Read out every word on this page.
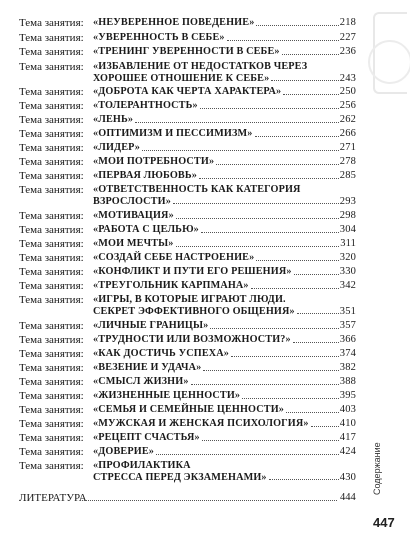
Тема занятия: «НЕУВЕРЕННОЕ ПОВЕДЕНИЕ»	218
Тема занятия: «УВЕРЕННОСТЬ В СЕБЕ»	227
Тема занятия: «ТРЕНИНГ УВЕРЕННОСТИ В СЕБЕ»	236
Тема занятия: «ИЗБАВЛЕНИЕ ОТ НЕДОСТАТКОВ ЧЕРЕЗ
ХОРОШЕЕ ОТНОШЕНИЕ К СЕБЕ»	243
Тема занятия: «ДОБРОТА КАК ЧЕРТА ХАРАКТЕРА»	250
Тема занятия: «ТОЛЕРАНТНОСТЬ»	256
Тема занятия: «ЛЕНЬ»	262
Тема занятия: «ОПТИМИЗМ И ПЕССИМИЗМ»	266
Тема занятия: «ЛИДЕР»	271
Тема занятия: «МОИ ПОТРЕБНОСТИ»	278
Тема занятия: «ПЕРВАЯ ЛЮБОВЬ»	285
Тема занятия: «ОТВЕТСТВЕННОСТЬ КАК КАТЕГОРИЯ
ВЗРОСЛОСТИ»	293
Тема занятия: «МОТИВАЦИЯ»	298
Тема занятия: «РАБОТА С ЦЕЛЬЮ»	304
Тема занятия: «МОИ МЕЧТЫ»	311
Тема занятия: «СОЗДАЙ СЕБЕ НАСТРОЕНИЕ»	320
Тема занятия: «КОНФЛИКТ И ПУТИ ЕГО РЕШЕНИЯ»	330
Тема занятия: «ТРЕУГОЛЬНИК КАРПМАНА»	342
Тема занятия: «ИГРЫ, В КОТОРЫЕ ИГРАЮТ ЛЮДИ.
СЕКРЕТ ЭФФЕКТИВНОГО ОБЩЕНИЯ»	351
Тема занятия: «ЛИЧНЫЕ ГРАНИЦЫ»	357
Тема занятия: «ТРУДНОСТИ ИЛИ ВОЗМОЖНОСТИ?»	366
Тема занятия: «КАК ДОСТИЧЬ УСПЕХА»	374
Тема занятия: «ВЕЗЕНИЕ И УДАЧА»	382
Тема занятия: «СМЫСЛ ЖИЗНИ»	388
Тема занятия: «ЖИЗНЕННЫЕ ЦЕННОСТИ»	395
Тема занятия: «СЕМЬЯ И СЕМЕЙНЫЕ ЦЕННОСТИ»	403
Тема занятия: «МУЖСКАЯ И ЖЕНСКАЯ ПСИХОЛОГИЯ»	410
Тема занятия: «РЕЦЕПТ СЧАСТЬЯ»	417
Тема занятия: «ДОВЕРИЕ»	424
Тема занятия: «ПРОФИЛАКТИКА
СТРЕССА ПЕРЕД ЭКЗАМЕНАМИ»	430
ЛИТЕРАТУРА	444
447
